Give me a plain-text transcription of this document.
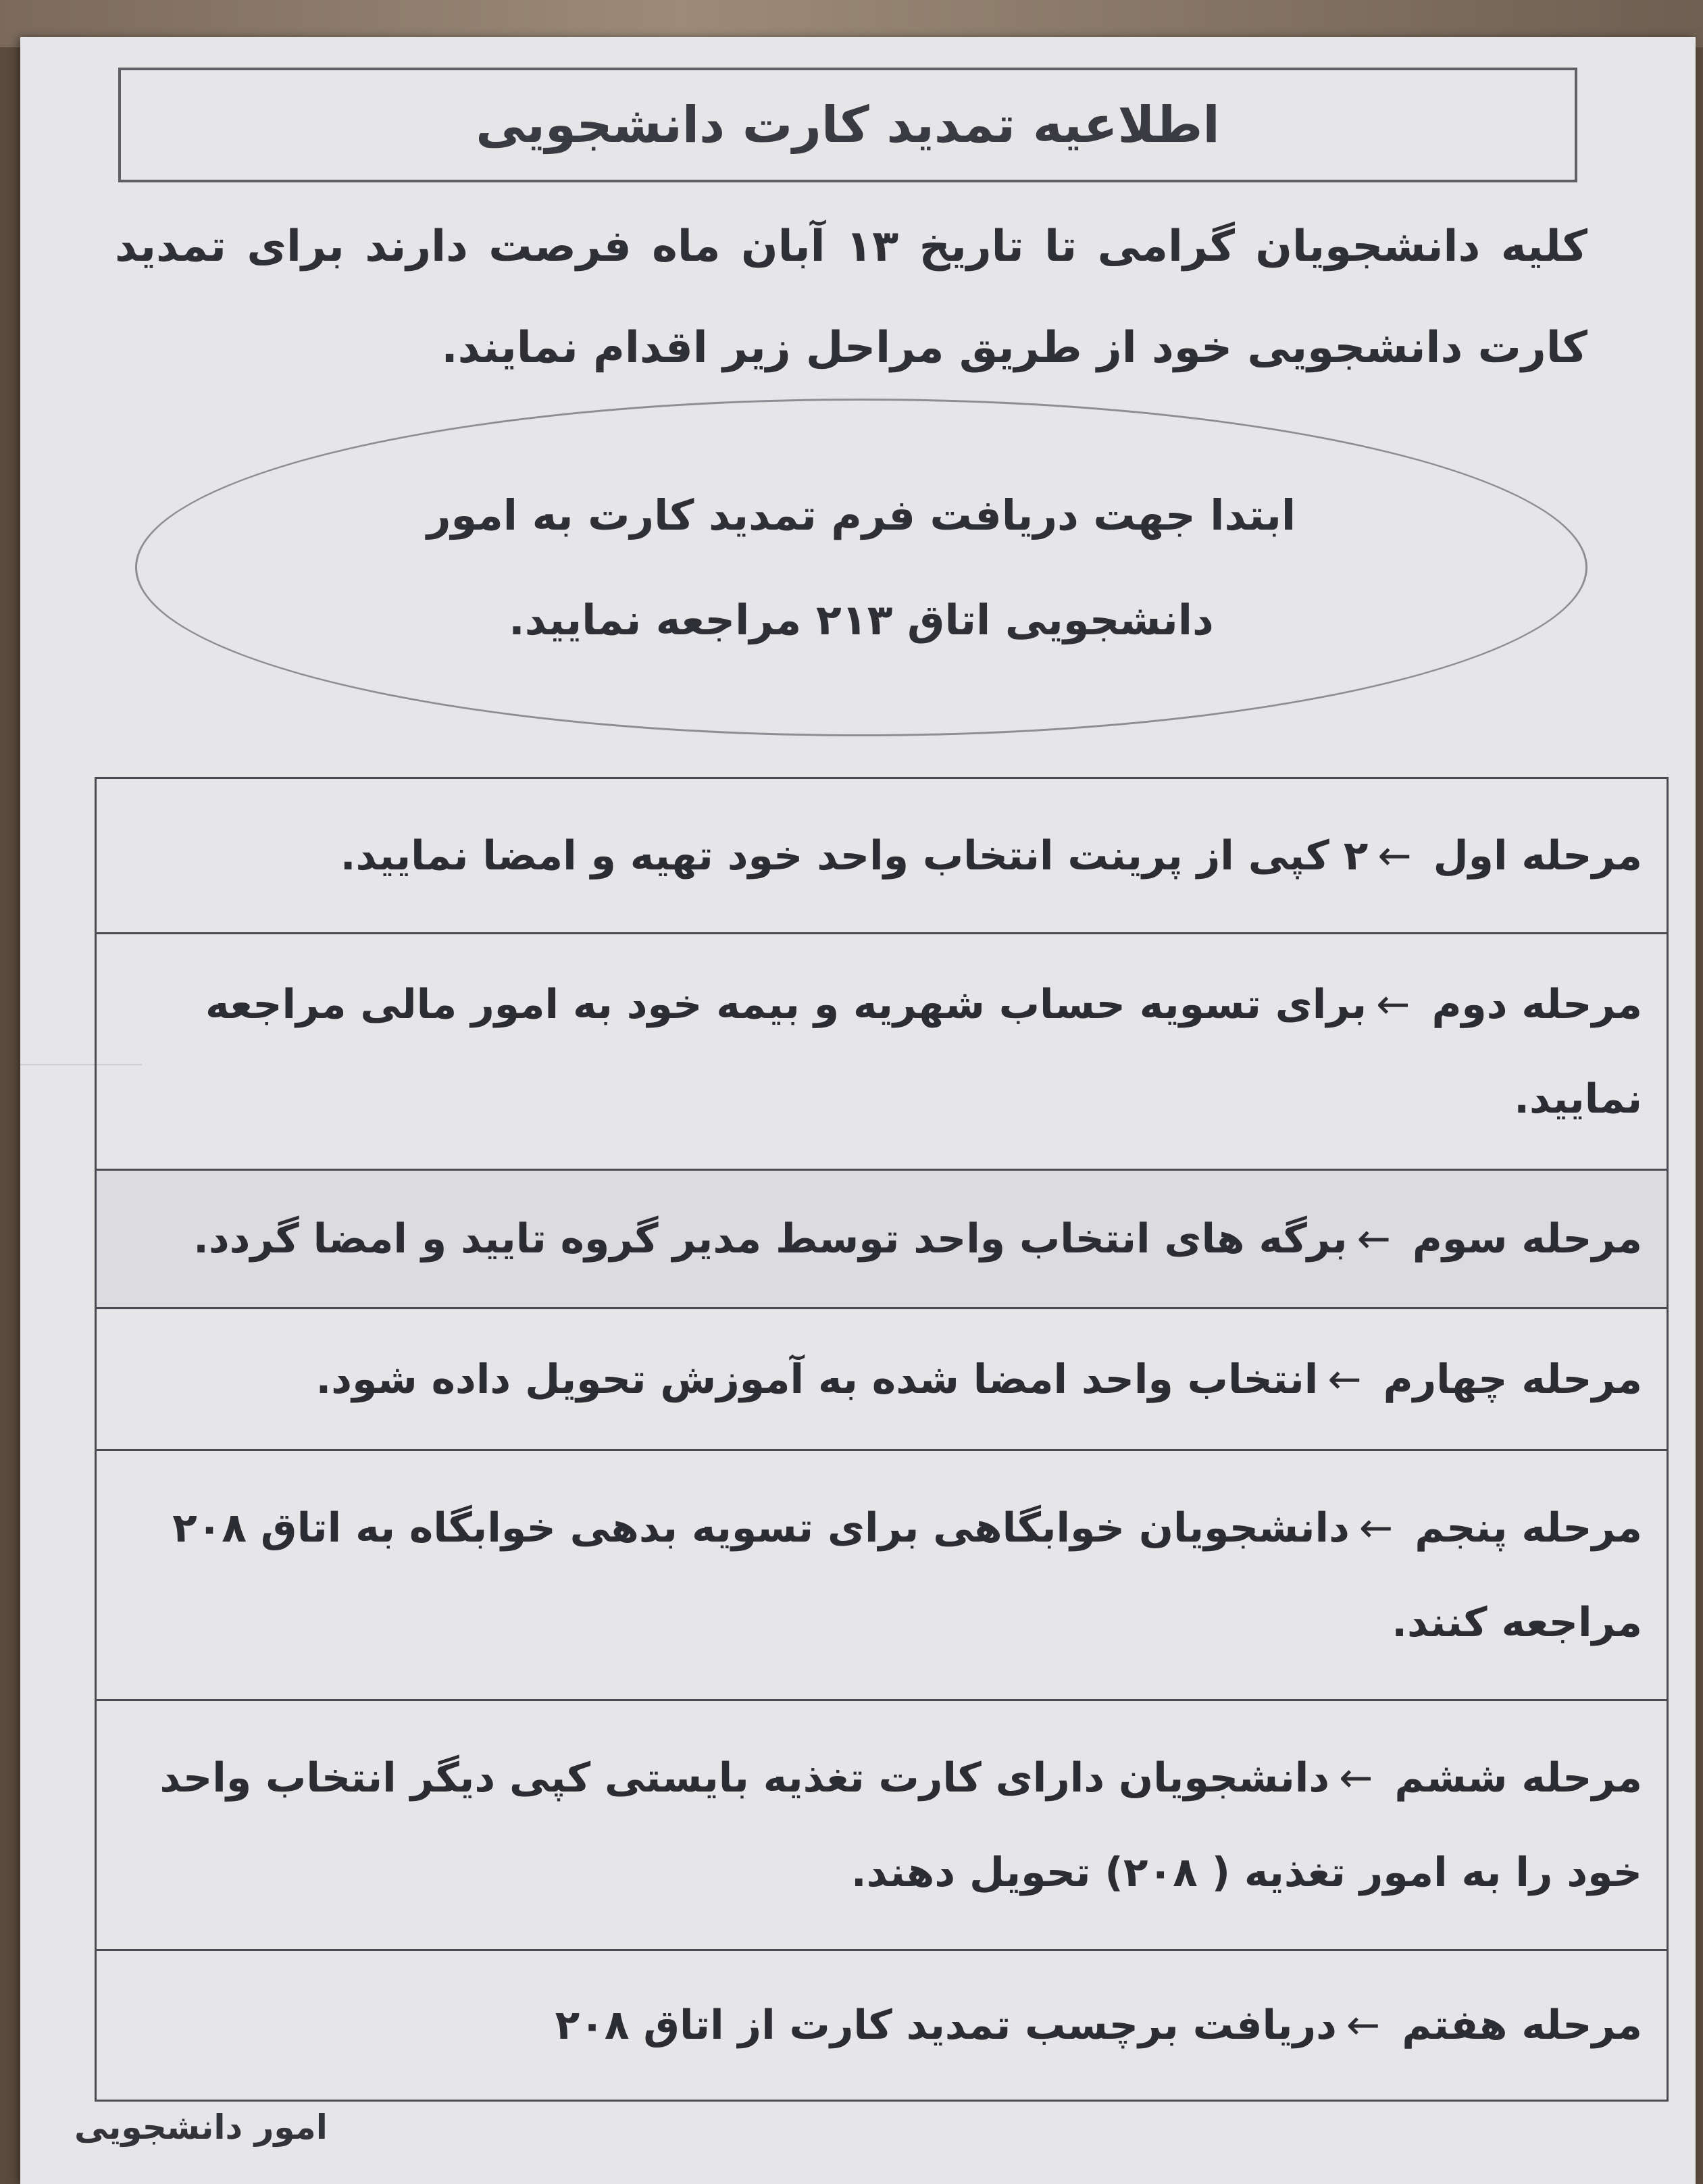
اطلاعیه تمدید کارت دانشجویی
کلیه دانشجویان گرامی تا تاریخ ۱۳ آبان ماه فرصت دارند برای تمدید کارت دانشجویی خود از طریق مراحل زیر اقدام نمایند.
ابتدا جهت دریافت فرم تمدید کارت به امور دانشجویی اتاق ۲۱۳ مراجعه نمایید.
مرحله اول←۲ کپی از پرینت انتخاب واحد خود تهیه و امضا نمایید.
مرحله دوم←برای تسویه حساب شهریه و بیمه خود به امور مالی مراجعه نمایید.
مرحله سوم←برگه های انتخاب واحد توسط مدیر گروه تایید و امضا گردد.
مرحله چهارم←انتخاب واحد امضا شده به آموزش تحویل داده شود.
مرحله پنجم←دانشجویان خوابگاهی برای تسویه بدهی خوابگاه به اتاق ۲۰۸ مراجعه کنند.
مرحله ششم←دانشجویان دارای کارت تغذیه بایستی کپی دیگر انتخاب واحد خود را به امور تغذیه ( ۲۰۸) تحویل دهند.
مرحله هفتم←دریافت برچسب تمدید کارت از اتاق ۲۰۸
امور دانشجویی
